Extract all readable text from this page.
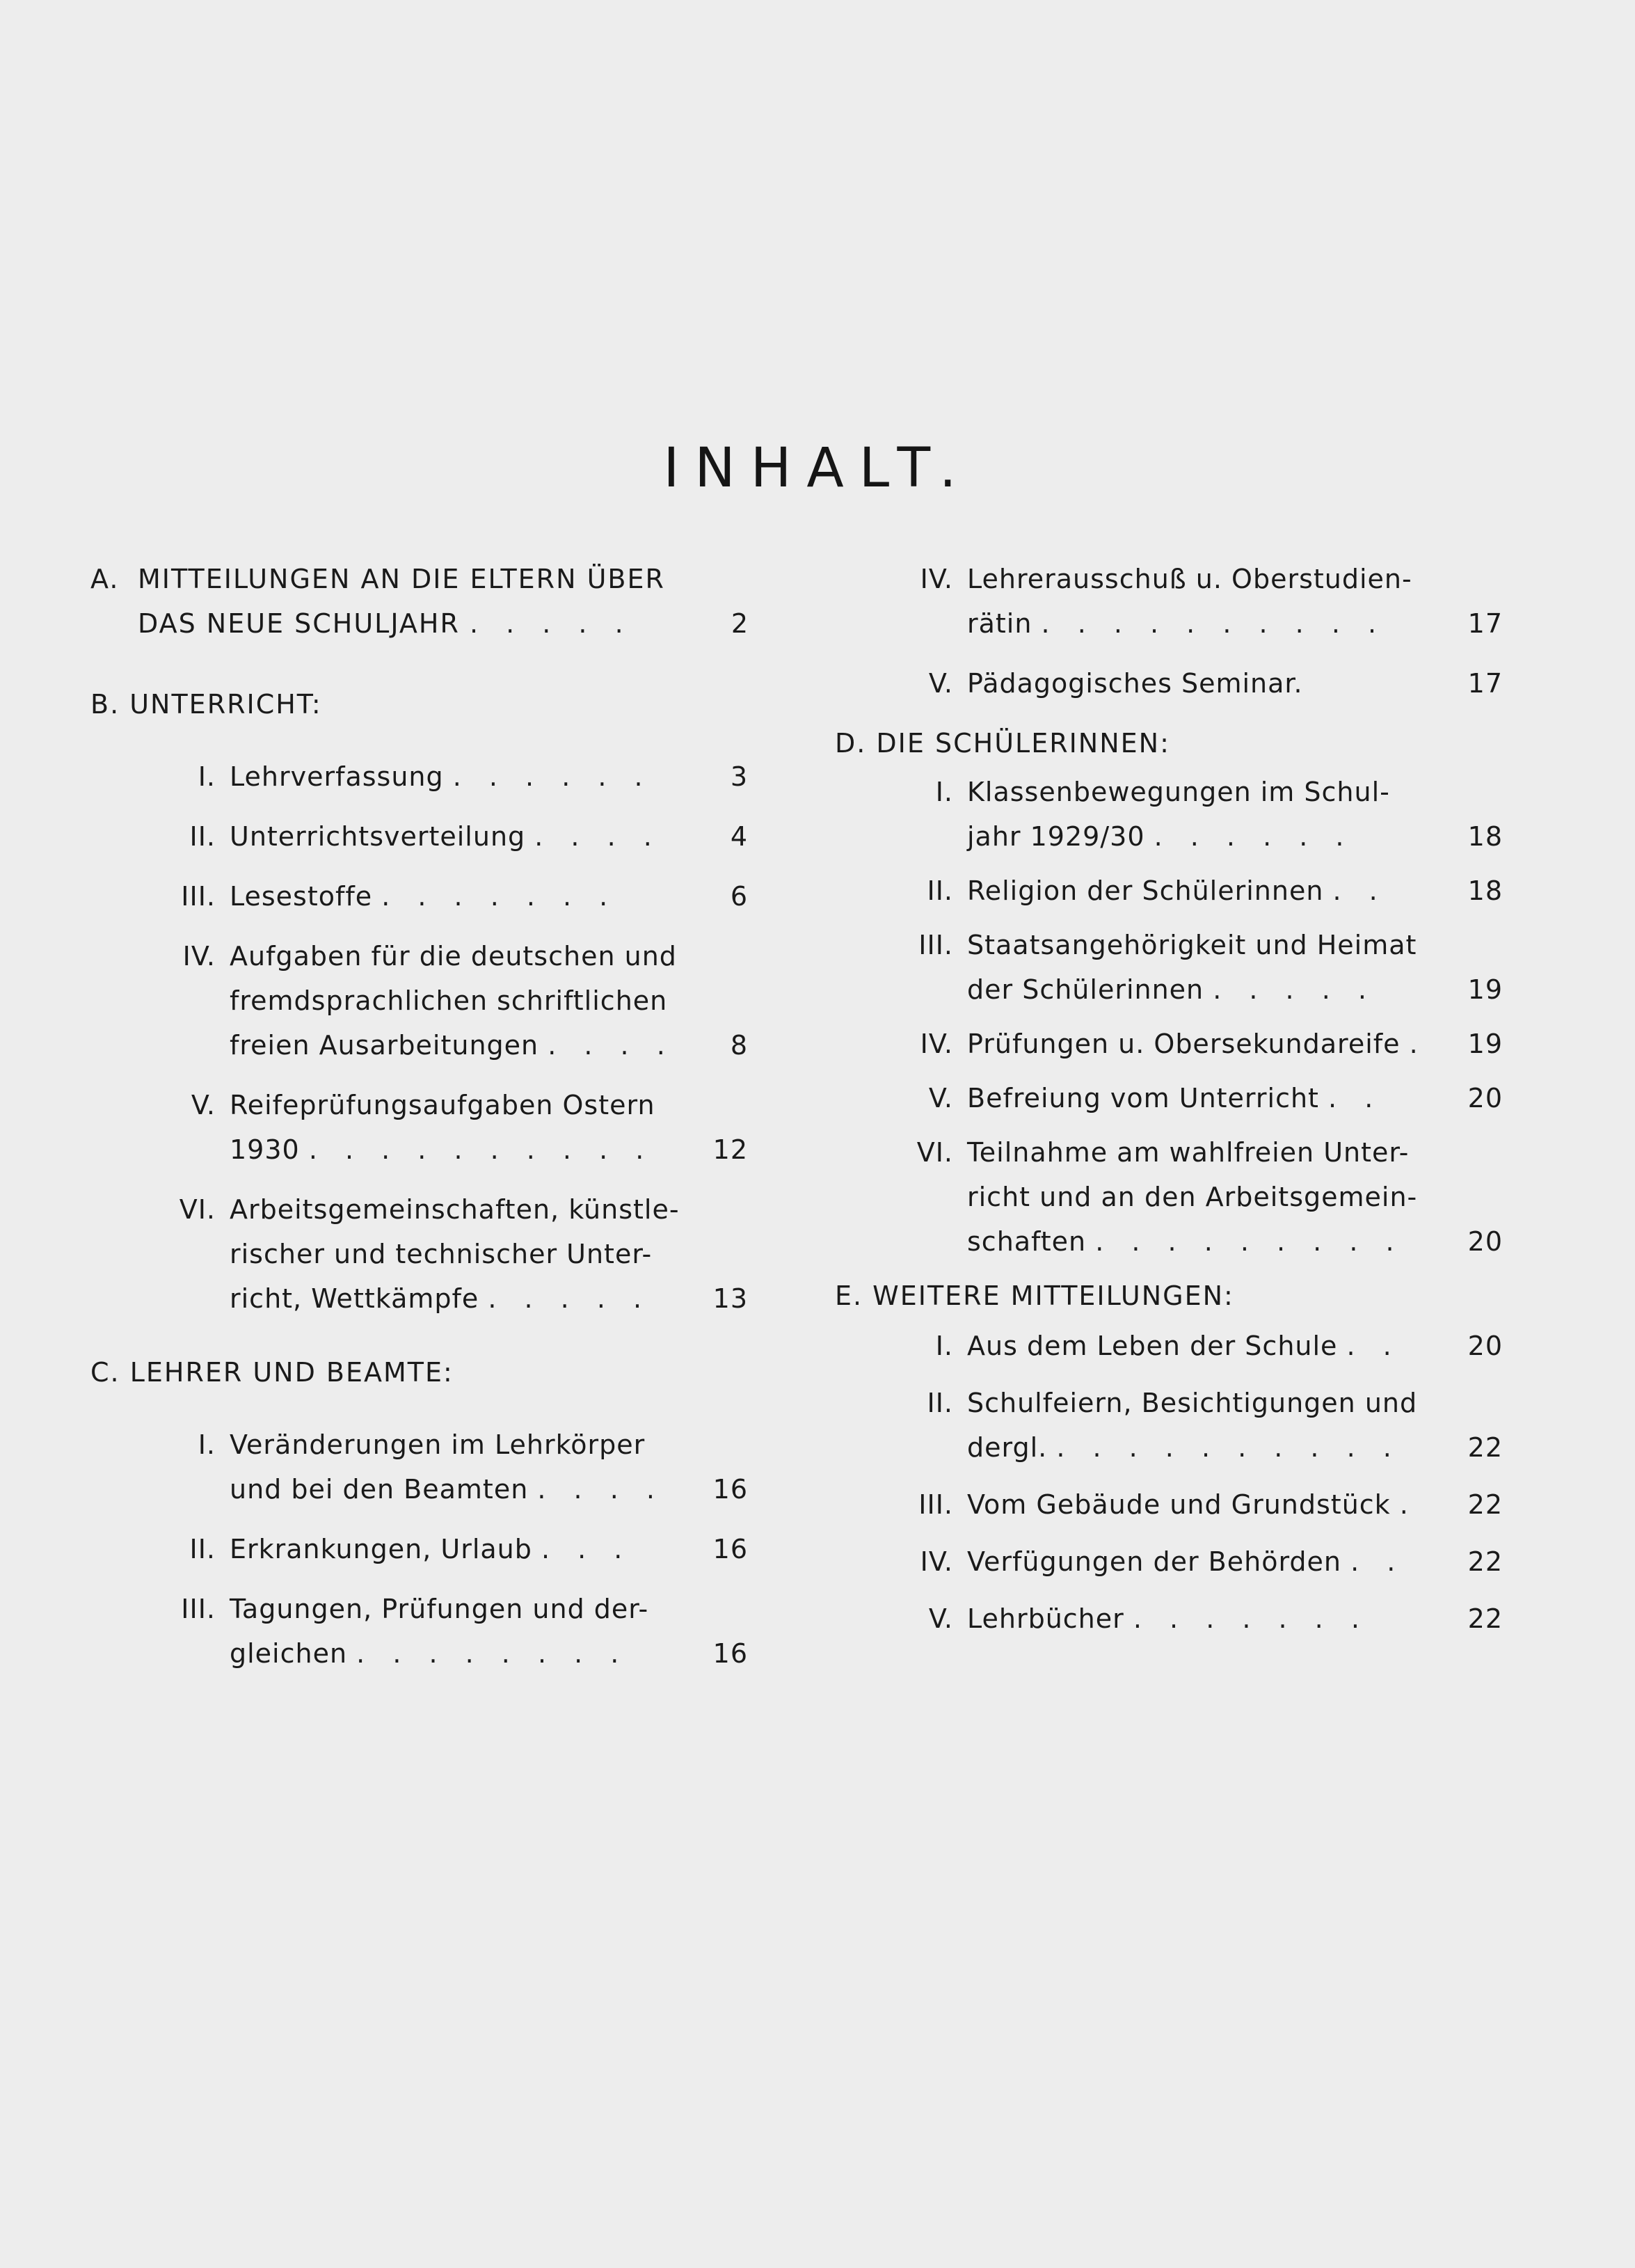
INHALT.
A. MITTEILUNGEN AN DIE ELTERN ÜBER
DAS NEUE SCHULJAHR . . . . .	2
B. UNTERRICHT:
I. Lehrverfassung . . . . . .	3
II. Unterrichtsverteilung . . . .	4
III. Lesestoffe . . . . . . .	6
IV. Aufgaben für die deutschen und
fremdsprachlichen schriftlichen
freien Ausarbeitungen . . . .	8
V. Reifeprüfungsaufgaben Ostern
1930 . . . . . . . . . .	12
VI. Arbeitsgemeinschaften, künstle-
rischer und technischer Unter-
richt, Wettkämpfe . . . . .	13
C. LEHRER UND BEAMTE:
I. Veränderungen im Lehrkörper
und bei den Beamten . . . .	16
II. Erkrankungen, Urlaub . . .	16
III. Tagungen, Prüfungen und der-
gleichen . . . . . . . .	16
IV. Lehrerausschuß u. Oberstudien-
rätin . . . . . . . . . .	17
V. Pädagogisches Seminar.	17
D. DIE SCHÜLERINNEN:
I. Klassenbewegungen im Schul-
jahr 1929/30 . . . . . .	18
II. Religion der Schülerinnen . .	18
III. Staatsangehörigkeit und Heimat
der Schülerinnen . . . . .	19
IV. Prüfungen u. Obersekundareife .	19
V. Befreiung vom Unterricht . .	20
VI. Teilnahme am wahlfreien Unter-
richt und an den Arbeitsgemein-
schaften . . . . . . . . .	20
E. WEITERE MITTEILUNGEN:
I. Aus dem Leben der Schule . .	20
II. Schulfeiern, Besichtigungen und
dergl. . . . . . . . . . .	22
III. Vom Gebäude und Grundstück .	22
IV. Verfügungen der Behörden . .	22
V. Lehrbücher . . . . . . .	22
